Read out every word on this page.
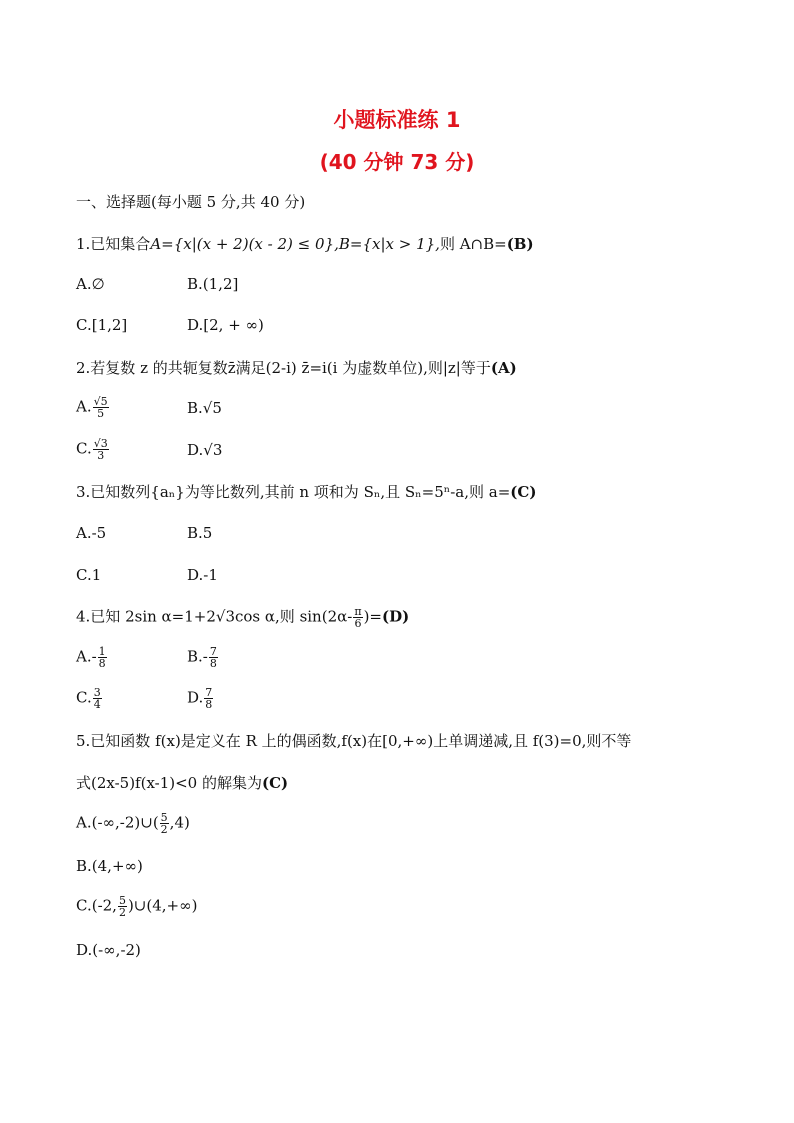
小题标准练 1
(40 分钟 73 分)
一、选择题(每小题 5 分,共 40 分)
1.已知集合A={x|(x + 2)(x - 2) ≤ 0},B={x|x > 1},则 A∩B=(B)
A.∅	B.(1,2]
C.[1,2]	D.[2, + ∞)
2.若复数 z 的共轭复数z̄满足(2-i) z̄=i(i 为虚数单位),则|z|等于(A)
A. $\frac{√5}{5}$	B.√5
C. $\frac{√3}{3}$	D.√3
3.已知数列{aₙ}为等比数列,其前 n 项和为 Sₙ,且 Sₙ=5ⁿ-a,则 a=(C)
A.-5	B.5
C.1	D.-1
4.已知 2sin α=1+2√3cos α,则 $\sin(2\alpha- \frac{\pi}{6} )=(D)$
$A.- \frac{1}{8}$	$B.- \frac{7}{8}$
C. $\frac{3}{4}$	D. $\frac{7}{8}$
5.已知函数 f(x)是定义在 R 上的偶函数,f(x)在[0,+∞)上单调递减,且 f(3)=0,则不等
式(2x-5)f(x-1)<0 的解集为(C)
A.(-∞,-2)∪( $\frac{5}{2} ,4$)
B.(4,+∞)
C.(-2, $\frac{5}{2}$ )∪(4,+∞)
D.(-∞,-2)
